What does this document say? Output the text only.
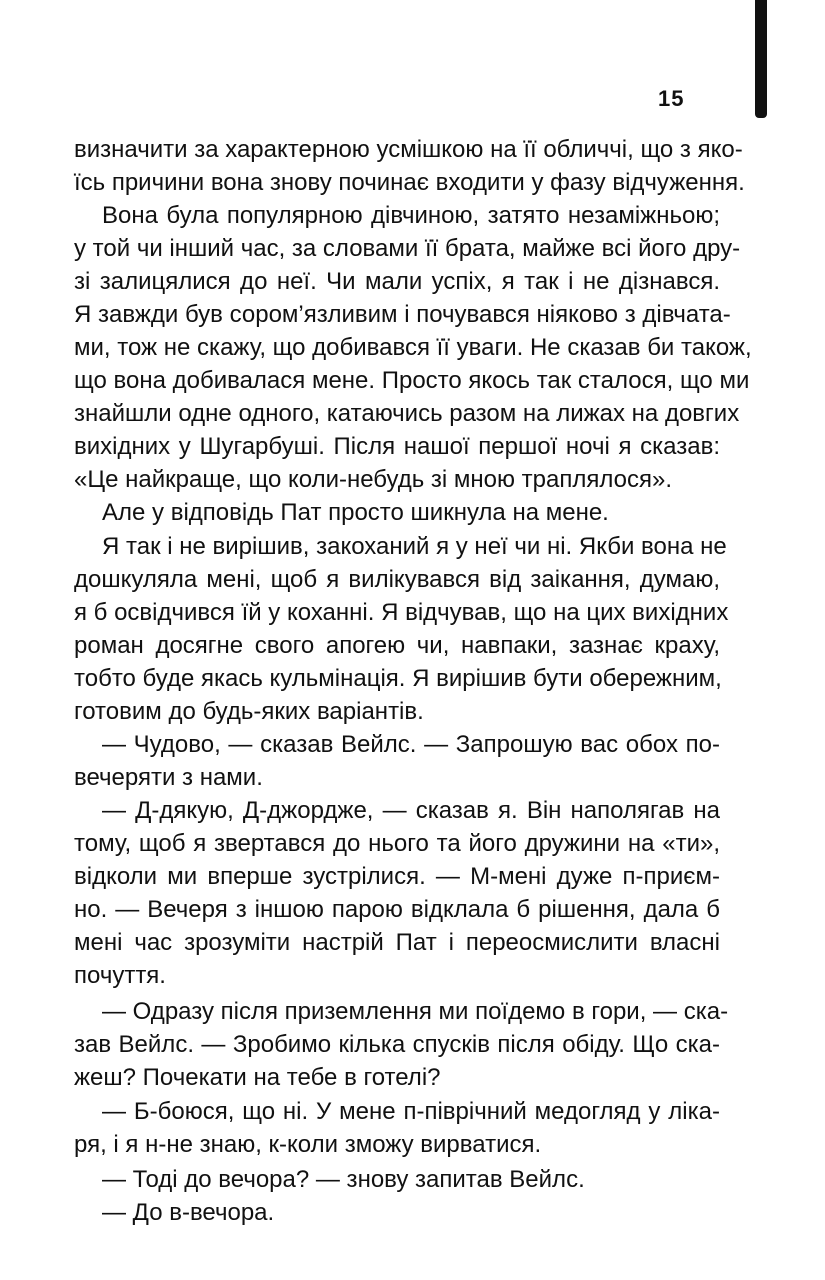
15
визначити за характерною усмішкою на її обличчі, що з яко-
їсь причини вона знову починає входити у фазу відчуження.
Вона була популярною дівчиною, затято незаміжньою;
у той чи інший час, за словами її брата, майже всі його дру-
зі залицялися до неї. Чи мали успіх, я так і не дізнався.
Я завжди був сором’язливим і почувався ніяково з дівчата-
ми, тож не скажу, що добивався її уваги. Не сказав би також,
що вона добивалася мене. Просто якось так сталося, що ми
знайшли одне одного, катаючись разом на лижах на довгих
вихідних у Шугарбуші. Після нашої першої ночі я сказав:
«Це найкраще, що коли-небудь зі мною траплялося».
Але у відповідь Пат просто шикнула на мене.
Я так і не вирішив, закоханий я у неї чи ні. Якби вона не
дошкуляла мені, щоб я вилікувався від заікання, думаю,
я б освідчився їй у коханні. Я відчував, що на цих вихідних
роман досягне свого апогею чи, навпаки, зазнає краху,
тобто буде якась кульмінація. Я вирішив бути обережним,
готовим до будь-яких варіантів.
— Чудово, — сказав Вейлс. — Запрошую вас обох по-
вечеряти з нами.
— Д-дякую, Д-джордже, — сказав я. Він наполягав на
тому, щоб я звертався до нього та його дружини на «ти»,
відколи ми вперше зустрілися. — М-мені дуже п-приєм-
но. — Вечеря з іншою парою відклала б рішення, дала б
мені час зрозуміти настрій Пат і переосмислити власні
почуття.
— Одразу після приземлення ми поїдемо в гори, — ска-
зав Вейлс. — Зробимо кілька спусків після обіду. Що ска-
жеш? Почекати на тебе в готелі?
— Б-боюся, що ні. У мене п-піврічний медогляд у ліка-
ря, і я н-не знаю, к-коли зможу вирватися.
— Тоді до вечора? — знову запитав Вейлс.
— До в-вечора.
